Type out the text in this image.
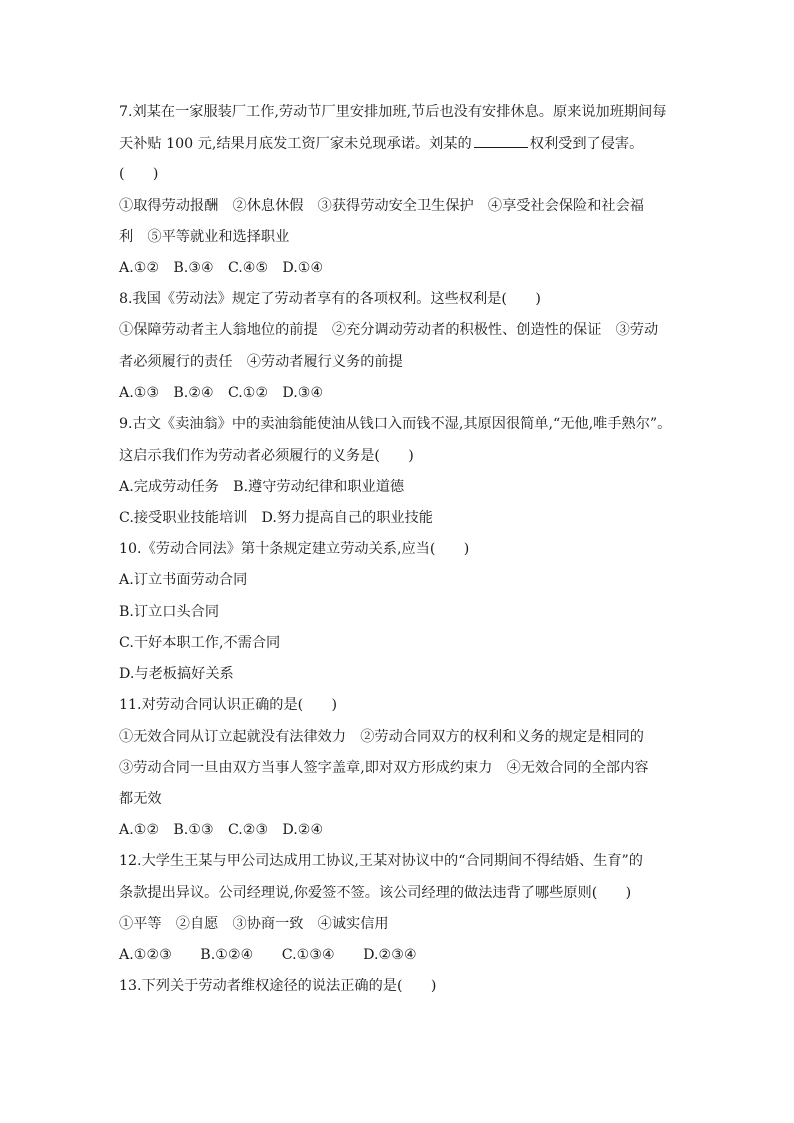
7.刘某在一家服装厂工作,劳动节厂里安排加班,节后也没有安排休息。原来说加班期间每
天补贴 100 元,结果月底发工资厂家未兑现承诺。刘某的	权利受到了侵害。
(　　)
①取得劳动报酬　②休息休假　③获得劳动安全卫生保护　④享受社会保险和社会福
利　⑤平等就业和选择职业
A.①②　B.③④　C.④⑤　D.①④
8.我国《劳动法》规定了劳动者享有的各项权利。这些权利是(　　)
①保障劳动者主人翁地位的前提　②充分调动劳动者的积极性、创造性的保证　③劳动
者必须履行的责任　④劳动者履行义务的前提
A.①③　B.②④　C.①②　D.③④
9.古文《卖油翁》中的卖油翁能使油从钱口入而钱不湿,其原因很简单,“无他,唯手熟尔”。
这启示我们作为劳动者必须履行的义务是(　　)
A.完成劳动任务　B.遵守劳动纪律和职业道德
C.接受职业技能培训　D.努力提高自己的职业技能
10.《劳动合同法》第十条规定建立劳动关系,应当(　　)
A.订立书面劳动合同
B.订立口头合同
C.干好本职工作,不需合同
D.与老板搞好关系
11.对劳动合同认识正确的是(　　)
①无效合同从订立起就没有法律效力　②劳动合同双方的权利和义务的规定是相同的
③劳动合同一旦由双方当事人签字盖章,即对双方形成约束力　④无效合同的全部内容
都无效
A.①②　B.①③　C.②③　D.②④
12.大学生王某与甲公司达成用工协议,王某对协议中的“合同期间不得结婚、生育”的
条款提出异议。公司经理说,你爱签不签。该公司经理的做法违背了哪些原则(　　)
①平等　②自愿　③协商一致　④诚实信用
A.①②③　　B.①②④　　C.①③④　　D.②③④
13.下列关于劳动者维权途径的说法正确的是(　　)
